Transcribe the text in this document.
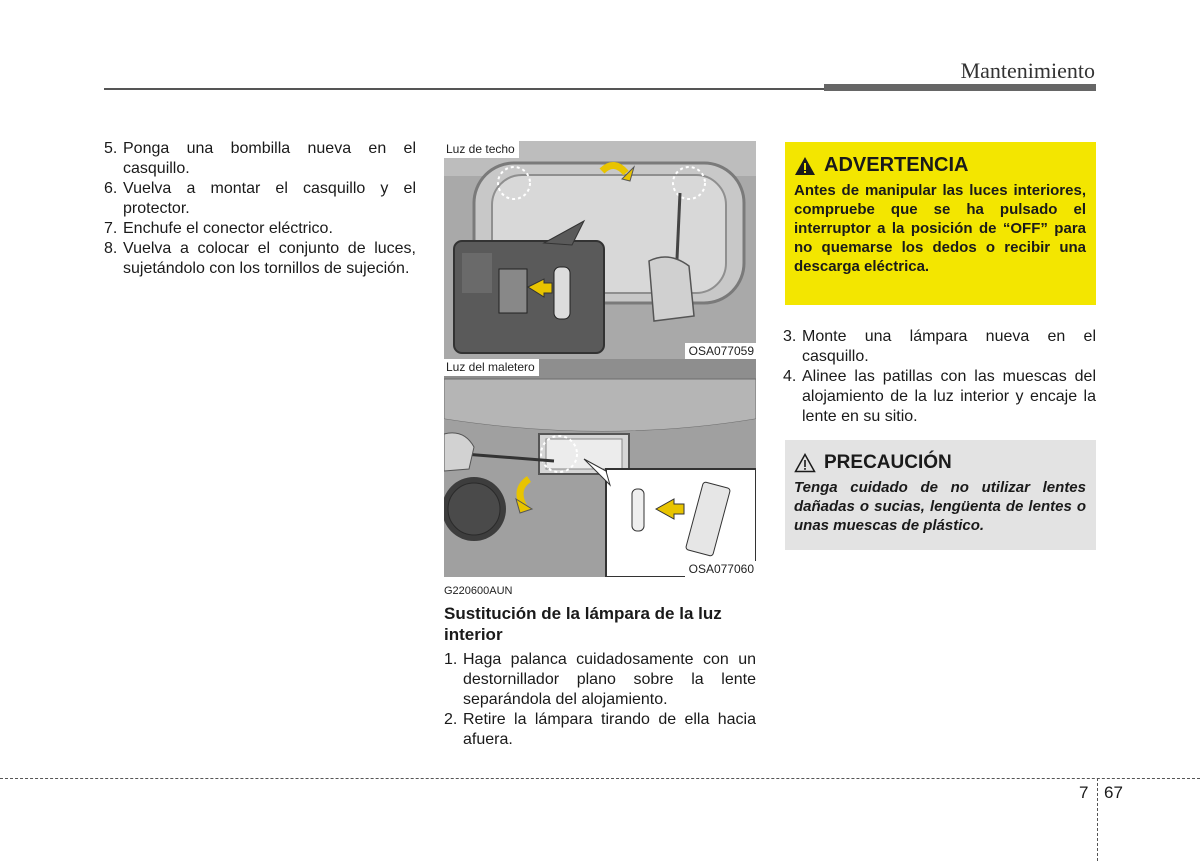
Mantenimiento
5. Ponga una bombilla nueva en el casquillo.
6. Vuelva a montar el casquillo y el protector.
7. Enchufe el conector eléctrico.
8. Vuelva a colocar el conjunto de luces, sujetándolo con los tornillos de sujeción.
Luz de techo
OSA077059
Luz del maletero
OSA077060
G220600AUN
Sustitución de la lámpara de la luz interior
1. Haga palanca cuidadosamente con un destornillador plano sobre la lente separándola del alojamiento.
2. Retire la lámpara tirando de ella hacia afuera.
ADVERTENCIA
Antes de manipular las luces interiores, compruebe que se ha pulsado el interruptor a la posición de “OFF” para no quemarse los dedos o recibir una descarga eléctrica.
3. Monte una lámpara nueva en el casquillo.
4. Alinee las patillas con las muescas del alojamiento de la luz interior y encaje la lente en su sitio.
PRECAUCIÓN
Tenga cuidado de no utilizar lentes dañadas o sucias, lengüenta de lentes o unas muescas de plástico.
7 67
